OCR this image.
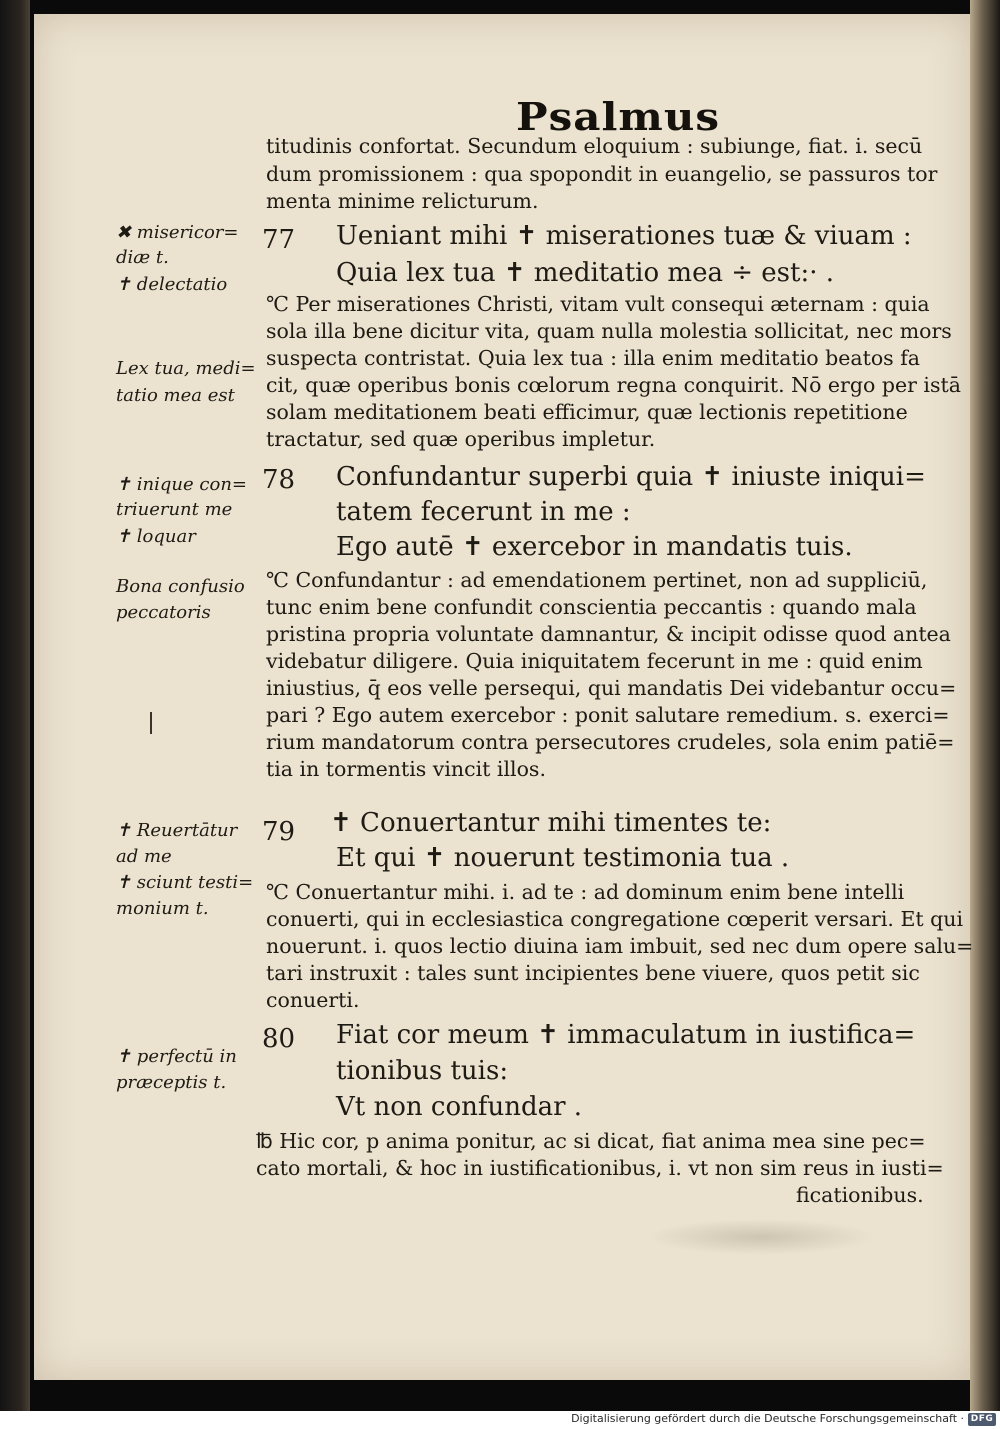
Psalmus
titudinis confortat. Secundum eloquium : subiunge, fiat. i. secū
dum promissionem : qua spopondit in euangelio, se passuros tor
menta minime relicturum.
77 Ueniant mihi ✝ miserationes tuæ & viuam :
Quia lex tua ✝ meditatio mea ÷ est:· .
℃ Per miserationes Christi, vitam vult consequi æternam : quia
sola illa bene dicitur vita, quam nulla molestia sollicitat, nec mors
suspecta contristat. Quia lex tua : illa enim meditatio beatos fa
cit, quæ operibus bonis cœlorum regna conquirit. Nō ergo per istā
solam meditationem beati efficimur, quæ lectionis repetitione
tractatur, sed quæ operibus impletur.
✖ misericor=
diæ t.
✝ delectatio
Lex tua, medi=
tatio mea est
78 Confundantur superbi quia ✝ iniuste iniqui=
tatem fecerunt in me :
Ego autē ✝ exercebor in mandatis tuis.
℃ Confundantur : ad emendationem pertinet, non ad suppliciū,
tunc enim bene confundit conscientia peccantis : quando mala
pristina propria voluntate damnantur, & incipit odisse quod antea
videbatur diligere. Quia iniquitatem fecerunt in me : quid enim
iniustius, q̄ eos velle persequi, qui mandatis Dei videbantur occu=
pari ? Ego autem exercebor : ponit salutare remedium. s. exerci=
rium mandatorum contra persecutores crudeles, sola enim patiē=
tia in tormentis vincit illos.
✝ inique con=
triuerunt me
✝ loquar
Bona confusio
peccatoris
79 ✝ Conuertantur mihi timentes te:
Et qui ✝ nouerunt testimonia tua .
℃ Conuertantur mihi. i. ad te : ad dominum enim bene intelli
conuerti, qui in ecclesiastica congregatione cœperit versari. Et qui
nouerunt. i. quos lectio diuina iam imbuit, sed nec dum opere salu=
tari instruxit : tales sunt incipientes bene viuere, quos petit sic
conuerti.
✝ Reuertātur
ad me
✝ sciunt testi=
monium t.
80 Fiat cor meum ✝ immaculatum in iustifica=
tionibus tuis:
Vt non confundar .
℔ Hic cor, p anima ponitur, ac si dicat, fiat anima mea sine pec=
cato mortali, & hoc in iustificationibus, i. vt non sim reus in iusti=
ficationibus.
✝ perfectū in
præceptis t.
Digitalisierung gefördert durch die Deutsche Forschungsgemeinschaft · DFG
